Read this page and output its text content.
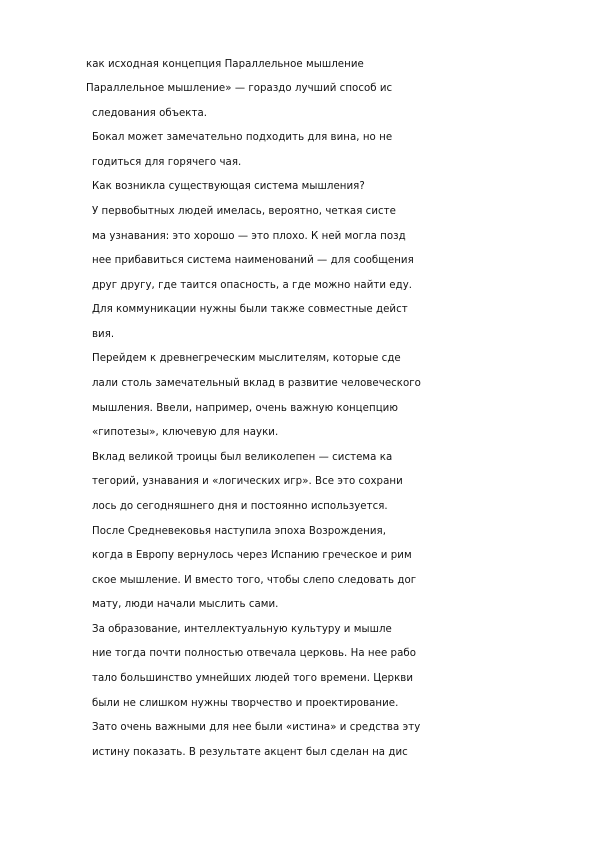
как исходная концепция Параллельное мышление
Параллельное мышление» — гораздо лучший способ ис
следования объекта.
Бокал может замечательно подходить для вина, но не
годиться для горячего чая.
Как возникла существующая система мышления?
У первобытных людей имелась, вероятно, четкая систе
ма узнавания: это хорошо — это плохо. К ней могла позд
нее прибавиться система наименований — для сообщения
друг другу, где таится опасность, а где можно найти еду.
Для коммуникации нужны были также совместные дейст
вия.
Перейдем к древнегреческим мыслителям, которые сде
лали столь замечательный вклад в развитие человеческого
мышления. Ввели, например, очень важную концепцию
«гипотезы», ключевую для науки.
Вклад великой троицы был великолепен — система ка
тегорий, узнавания и «логических игр». Все это сохрани
лось до сегодняшнего дня и постоянно используется.
После Средневековья наступила эпоха Возрождения,
когда в Европу вернулось через Испанию греческое и рим
ское мышление. И вместо того, чтобы слепо следовать дог
мату, люди начали мыслить сами.
За образование, интеллектуальную культуру и мышле
ние тогда почти полностью отвечала церковь. На нее рабо
тало большинство умнейших людей того времени. Церкви
были не слишком нужны творчество и проектирование.
Зато очень важными для нее были «истина» и средства эту
истину показать. В результате акцент был сделан на дис
